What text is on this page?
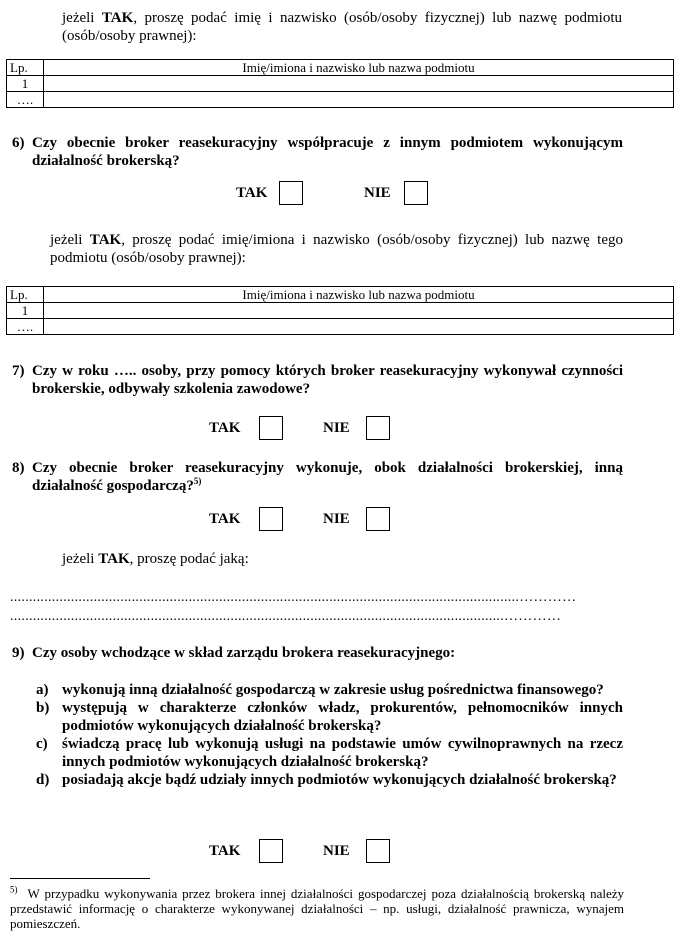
jeżeli TAK, proszę podać imię i nazwisko (osób/osoby fizycznej) lub nazwę podmiotu (osób/osoby prawnej):
Lp.	Imię/imiona i nazwisko lub nazwa podmiotu
1	
….	
6) Czy obecnie broker reasekuracyjny współpracuje z innym podmiotem wykonującym działalność brokerską?
TAK	NIE
jeżeli TAK, proszę podać imię/imiona i nazwisko (osób/osoby fizycznej) lub nazwę tego podmiotu (osób/osoby prawnej):
Lp.	Imię/imiona i nazwisko lub nazwa podmiotu
1	
….	
7) Czy w roku ….. osoby, przy pomocy których broker reasekuracyjny wykonywał czynności brokerskie, odbywały szkolenia zawodowe?
TAK	NIE
8) Czy obecnie broker reasekuracyjny wykonuje, obok działalności brokerskiej, inną działalność gospodarczą?$^{5)}$
TAK	NIE
jeżeli TAK, proszę podać jaką:
......................................................................................................................................…………
..................................................................................................................................…………
9) Czy osoby wchodzące w skład zarządu brokera reasekuracyjnego:
a) wykonują inną działalność gospodarczą w zakresie usług pośrednictwa finansowego?
b) występują w charakterze członków władz, prokurentów, pełnomocników innych podmiotów wykonujących działalność brokerską?
c) świadczą pracę lub wykonują usługi na podstawie umów cywilnoprawnych na rzecz innych podmiotów wykonujących działalność brokerską?
d) posiadają akcje bądź udziały innych podmiotów wykonujących działalność brokerską?
TAK	NIE
$^{5)}$ W przypadku wykonywania przez brokera innej działalności gospodarczej poza działalnością brokerską należy przedstawić informację o charakterze wykonywanej działalności – np. usługi, działalność prawnicza, wynajem pomieszczeń.
